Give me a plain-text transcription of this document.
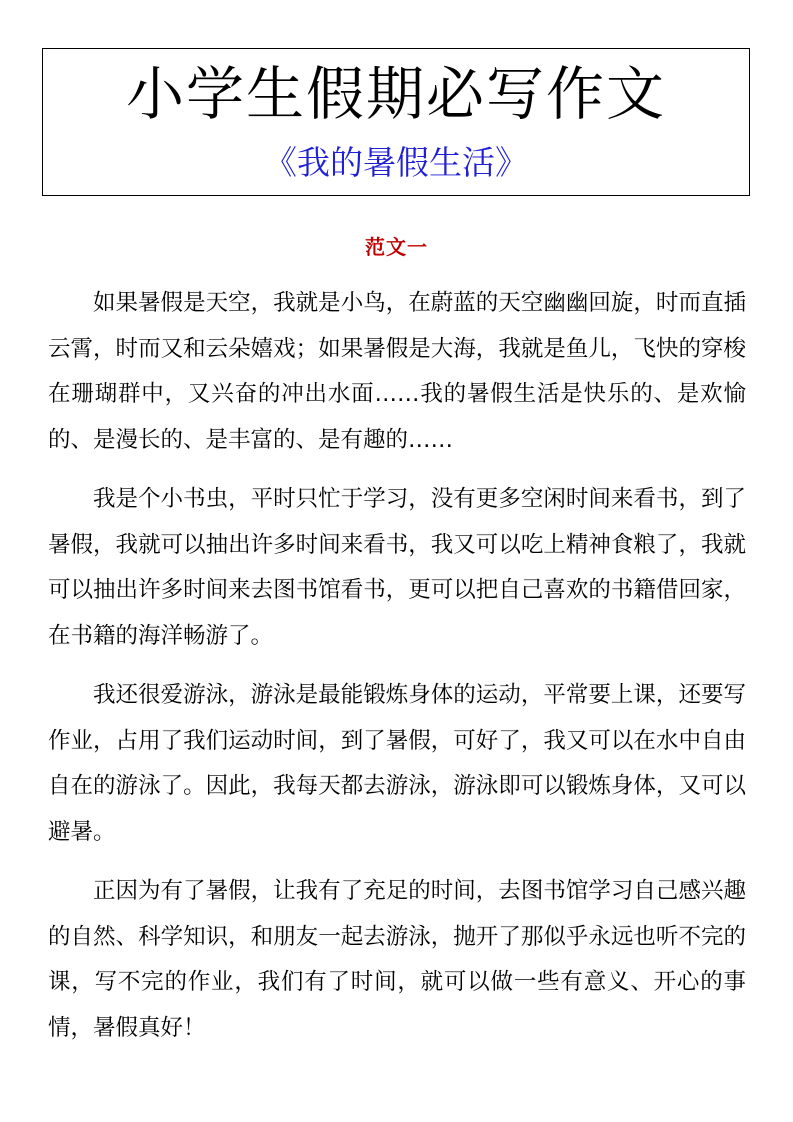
小学生假期必写作文
《我的暑假生活》
范文一

如果暑假是天空，我就是小鸟，在蔚蓝的天空幽幽回旋，时而直插云霄，时而又和云朵嬉戏；如果暑假是大海，我就是鱼儿，飞快的穿梭在珊瑚群中，又兴奋的冲出水面……我的暑假生活是快乐的、是欢愉的、是漫长的、是丰富的、是有趣的……

我是个小书虫，平时只忙于学习，没有更多空闲时间来看书，到了暑假，我就可以抽出许多时间来看书，我又可以吃上精神食粮了，我就可以抽出许多时间来去图书馆看书，更可以把自己喜欢的书籍借回家，在书籍的海洋畅游了。

我还很爱游泳，游泳是最能锻炼身体的运动，平常要上课，还要写作业，占用了我们运动时间，到了暑假，可好了，我又可以在水中自由自在的游泳了。因此，我每天都去游泳，游泳即可以锻炼身体，又可以避暑。

正因为有了暑假，让我有了充足的时间，去图书馆学习自己感兴趣的自然、科学知识，和朋友一起去游泳，抛开了那似乎永远也听不完的课，写不完的作业，我们有了时间，就可以做一些有意义、开心的事情，暑假真好！
